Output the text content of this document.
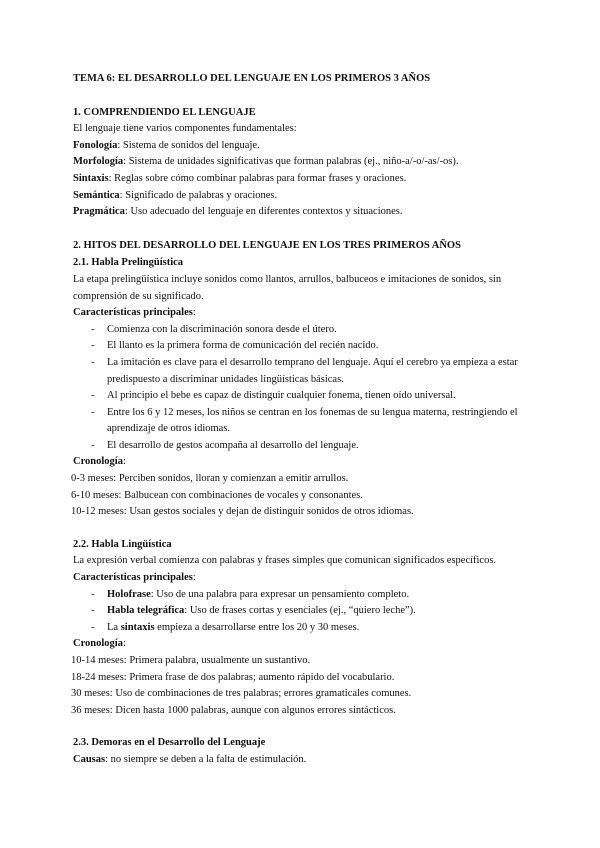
TEMA 6: EL DESARROLLO DEL LENGUAJE EN LOS PRIMEROS 3 AÑOS
1. COMPRENDIENDO EL LENGUAJE
El lenguaje tiene varios componentes fundamentales:
Fonología: Sistema de sonidos del lenguaje.
Morfología: Sistema de unidades significativas que forman palabras (ej., niño-a/-o/-as/-os).
Sintaxis: Reglas sobre cómo combinar palabras para formar frases y oraciones.
Semántica: Significado de palabras y oraciones.
Pragmática: Uso adecuado del lenguaje en diferentes contextos y situaciones.
2. HITOS DEL DESARROLLO DEL LENGUAJE EN LOS TRES PRIMEROS AÑOS
2.1. Habla Prelingüística
La etapa prelingüística incluye sonidos como llantos, arrullos, balbuceos e imitaciones de sonidos, sin
comprensión de su significado.
Características principales:
- Comienza con la discriminación sonora desde el útero.
- El llanto es la primera forma de comunicación del recién nacido.
- La imitación es clave para el desarrollo temprano del lenguaje. Aquí el cerebro ya empieza a estar
predispuesto a discriminar unidades lingüísticas básicas.
- Al principio el bebe es capaz de distinguir cualquier fonema, tienen oído universal.
- Entre los 6 y 12 meses, los niños se centran en los fonemas de su lengua materna, restringiendo el
aprendizaje de otros idiomas.
- El desarrollo de gestos acompaña al desarrollo del lenguaje.
Cronología:
0-3 meses: Perciben sonidos, lloran y comienzan a emitir arrullos.
6-10 meses: Balbucean con combinaciones de vocales y consonantes.
10-12 meses: Usan gestos sociales y dejan de distinguir sonidos de otros idiomas.
2.2. Habla Lingüística
La expresión verbal comienza con palabras y frases simples que comunican significados específicos.
Características principales:
- Holofrase: Uso de una palabra para expresar un pensamiento completo.
- Habla telegráfica: Uso de frases cortas y esenciales (ej., “quiero leche”).
- La sintaxis empieza a desarrollarse entre los 20 y 30 meses.
Cronología:
10-14 meses: Primera palabra, usualmente un sustantivo.
18-24 meses: Primera frase de dos palabras; aumento rápido del vocabulario.
30 meses: Uso de combinaciones de tres palabras; errores gramaticales comunes.
36 meses: Dicen hasta 1000 palabras, aunque con algunos errores sintácticos.
2.3. Demoras en el Desarrollo del Lenguaje
Causas: no siempre se deben a la falta de estimulación.
